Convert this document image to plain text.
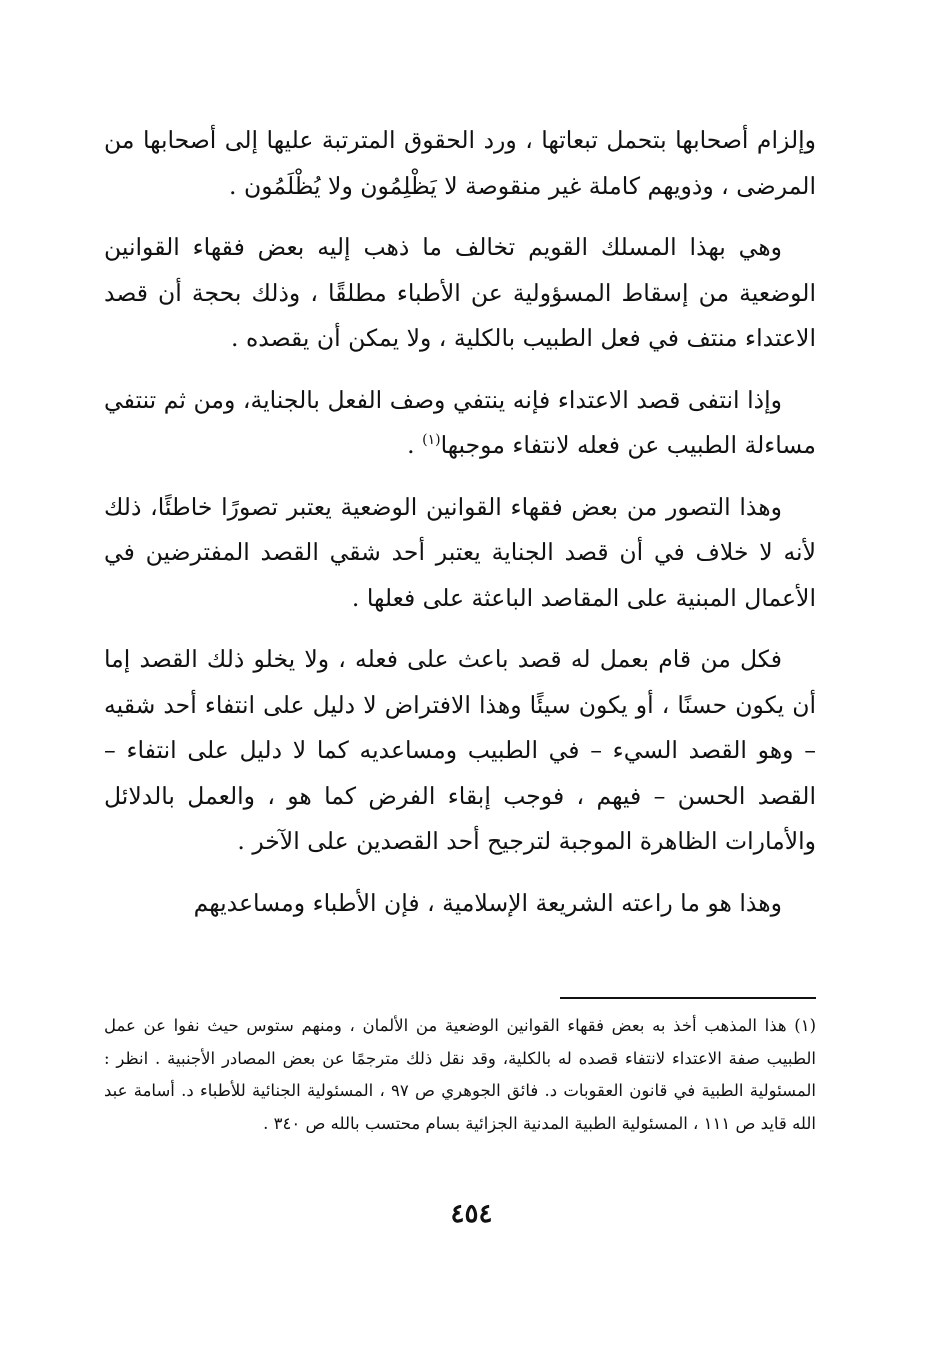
وإلزام أصحابها بتحمل تبعاتها ، ورد الحقوق المترتبة عليها إلى أصحابها من المرضى ، وذويهم كاملة غير منقوصة لا يَظْلِمُون ولا يُظْلَمُون .

وهي بهذا المسلك القويم تخالف ما ذهب إليه بعض فقهاء القوانين الوضعية من إسقاط المسؤولية عن الأطباء مطلقًا ، وذلك بحجة أن قصد الاعتداء منتف في فعل الطبيب بالكلية ، ولا يمكن أن يقصده .

وإذا انتفى قصد الاعتداء فإنه ينتفي وصف الفعل بالجناية، ومن ثم تنتفي مساءلة الطبيب عن فعله لانتفاء موجبها$^{(١)}$ .

وهذا التصور من بعض فقهاء القوانين الوضعية يعتبر تصورًا خاطئًا، ذلك لأنه لا خلاف في أن قصد الجناية يعتبر أحد شقي القصد المفترضين في الأعمال المبنية على المقاصد الباعثة على فعلها .

فكل من قام بعمل له قصد باعث على فعله ، ولا يخلو ذلك القصد إما أن يكون حسنًا ، أو يكون سيئًا وهذا الافتراض لا دليل على انتفاء أحد شقيه – وهو القصد السيء – في الطبيب ومساعديه كما لا دليل على انتفاء – القصد الحسن – فيهم ، فوجب إبقاء الفرض كما هو ، والعمل بالدلائل والأمارات الظاهرة الموجبة لترجيح أحد القصدين على الآخر .

وهذا هو ما راعته الشريعة الإسلامية ، فإن الأطباء ومساعديهم

(١) هذا المذهب أخذ به بعض فقهاء القوانين الوضعية من الألمان ، ومنهم ستوس حيث نفوا عن عمل الطبيب صفة الاعتداء لانتفاء قصده له بالكلية، وقد نقل ذلك مترجمًا عن بعض المصادر الأجنبية . انظر : المسئولية الطبية في قانون العقوبات د. فائق الجوهري ص ٩٧ ، المسئولية الجنائية للأطباء د. أسامة عبد الله قايد ص ١١١ ، المسئولية الطبية المدنية الجزائية بسام محتسب بالله ص ٣٤٠ .

٤٥٤
